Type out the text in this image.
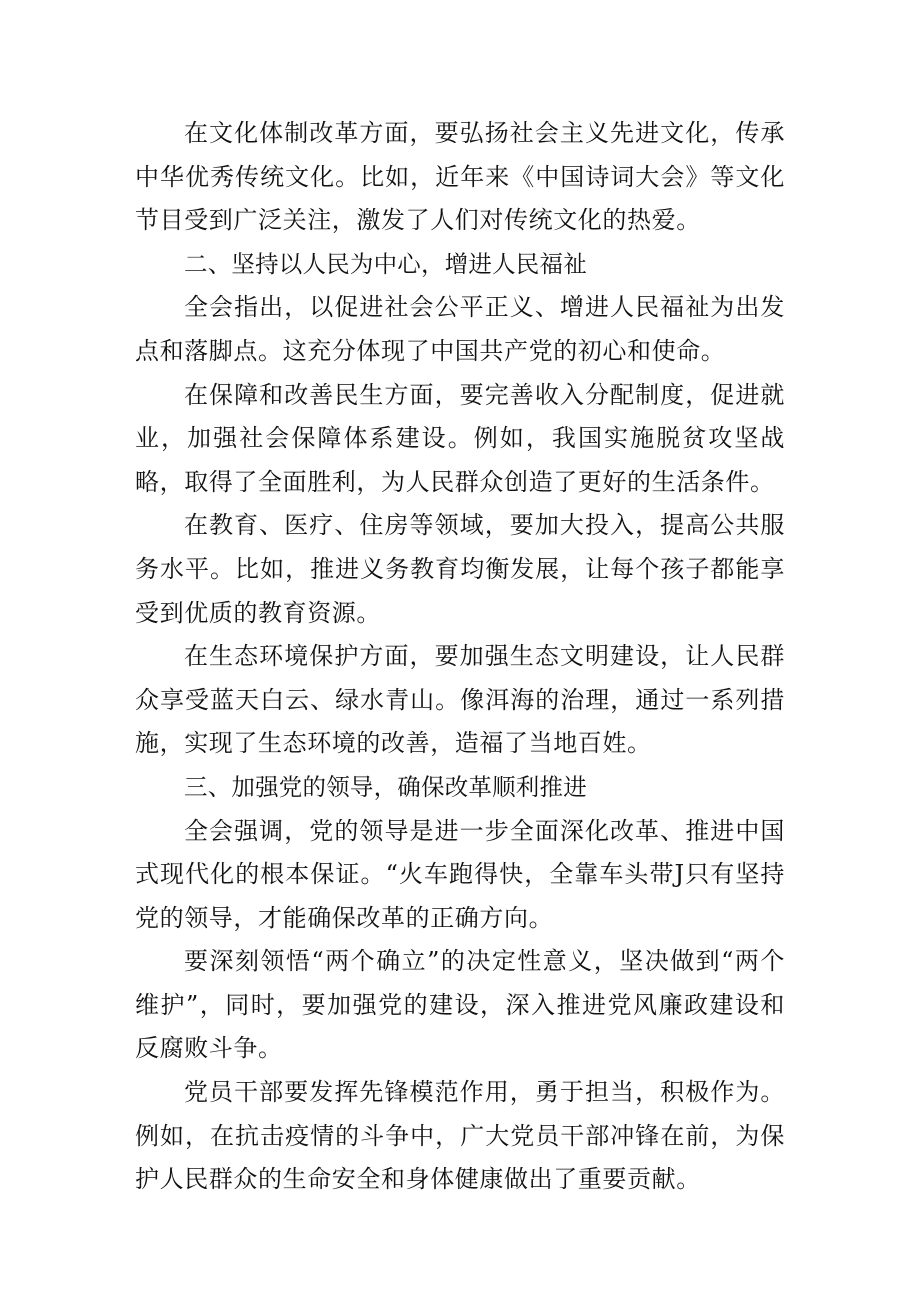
在文化体制改革方面，要弘扬社会主义先进文化，传承中华优秀传统文化。比如，近年来《中国诗词大会》等文化节目受到广泛关注，激发了人们对传统文化的热爱。

二、坚持以人民为中心，增进人民福祉

全会指出，以促进社会公平正义、增进人民福祉为出发点和落脚点。这充分体现了中国共产党的初心和使命。

在保障和改善民生方面，要完善收入分配制度，促进就业，加强社会保障体系建设。例如，我国实施脱贫攻坚战略，取得了全面胜利，为人民群众创造了更好的生活条件。

在教育、医疗、住房等领域，要加大投入，提高公共服务水平。比如，推进义务教育均衡发展，让每个孩子都能享受到优质的教育资源。

在生态环境保护方面，要加强生态文明建设，让人民群众享受蓝天白云、绿水青山。像洱海的治理，通过一系列措施，实现了生态环境的改善，造福了当地百姓。

三、加强党的领导，确保改革顺利推进

全会强调，党的领导是进一步全面深化改革、推进中国式现代化的根本保证。“火车跑得快，全靠车头带J只有坚持党的领导，才能确保改革的正确方向。

要深刻领悟“两个确立”的决定性意义，坚决做到“两个维护”，同时，要加强党的建设，深入推进党风廉政建设和反腐败斗争。

党员干部要发挥先锋模范作用，勇于担当，积极作为。例如，在抗击疫情的斗争中，广大党员干部冲锋在前，为保护人民群众的生命安全和身体健康做出了重要贡献。
